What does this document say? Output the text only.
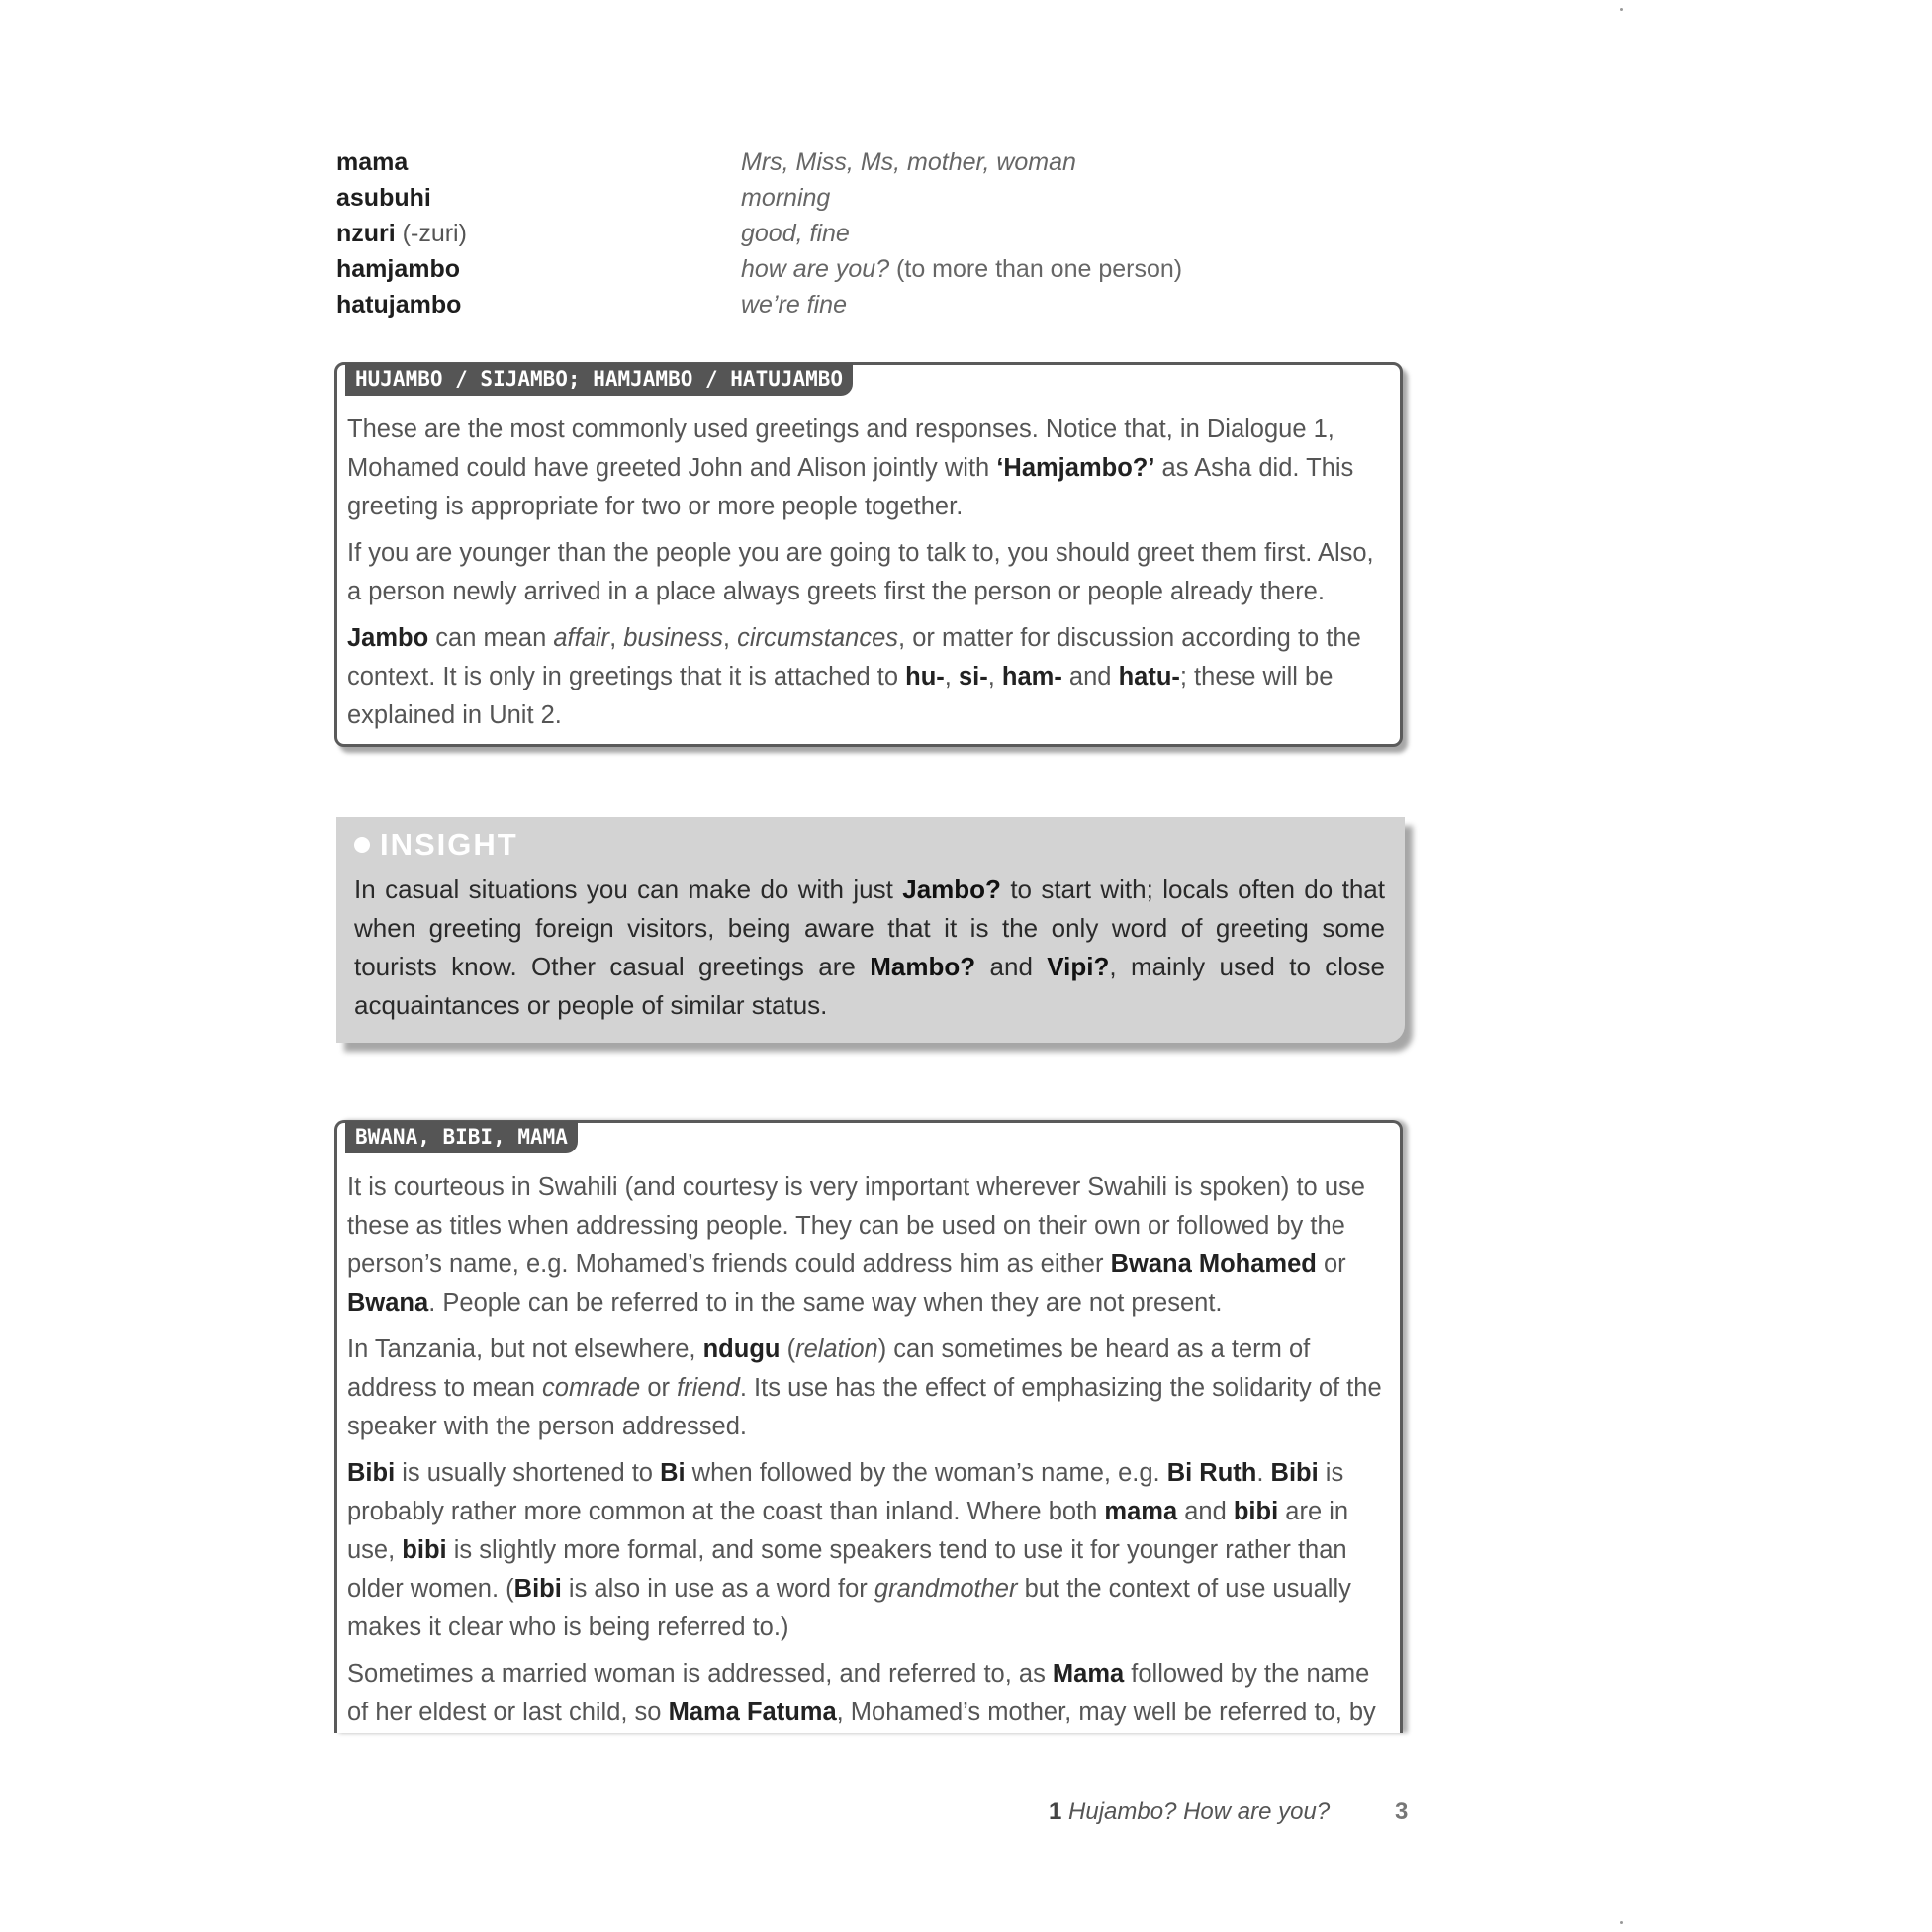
mama	Mrs, Miss, Ms, mother, woman
asubuhi	morning
nzuri (-zuri)	good, fine
hamjambo	how are you? (to more than one person)
hatujambo	we’re fine
HUJAMBO / SIJAMBO; HAMJAMBO / HATUJAMBO

These are the most commonly used greetings and responses. Notice that, in Dialogue 1, Mohamed could have greeted John and Alison jointly with ‘Hamjambo?’ as Asha did. This greeting is appropriate for two or more people together.

If you are younger than the people you are going to talk to, you should greet them first. Also, a person newly arrived in a place always greets first the person or people already there.

Jambo can mean affair, business, circumstances, or matter for discussion according to the context. It is only in greetings that it is attached to hu-, si-, ham- and hatu-; these will be explained in Unit 2.

INSIGHT
In casual situations you can make do with just Jambo? to start with; locals often do that when greeting foreign visitors, being aware that it is the only word of greeting some tourists know. Other casual greetings are Mambo? and Vipi?, mainly used to close acquaintances or people of similar status.
BWANA, BIBI, MAMA

It is courteous in Swahili (and courtesy is very important wherever Swahili is spoken) to use these as titles when addressing people. They can be used on their own or followed by the person’s name, e.g. Mohamed’s friends could address him as either Bwana Mohamed or Bwana. People can be referred to in the same way when they are not present.

In Tanzania, but not elsewhere, ndugu (relation) can sometimes be heard as a term of address to mean comrade or friend. Its use has the effect of emphasizing the solidarity of the speaker with the person addressed.

Bibi is usually shortened to Bi when followed by the woman’s name, e.g. Bi Ruth. Bibi is probably rather more common at the coast than inland. Where both mama and bibi are in use, bibi is slightly more formal, and some speakers tend to use it for younger rather than older women. (Bibi is also in use as a word for grandmother but the context of use usually makes it clear who is being referred to.)

Sometimes a married woman is addressed, and referred to, as Mama followed by the name of her eldest or last child, so Mama Fatuma, Mohamed’s mother, may well be referred to, by

1 Hujambo? How are you?	3
